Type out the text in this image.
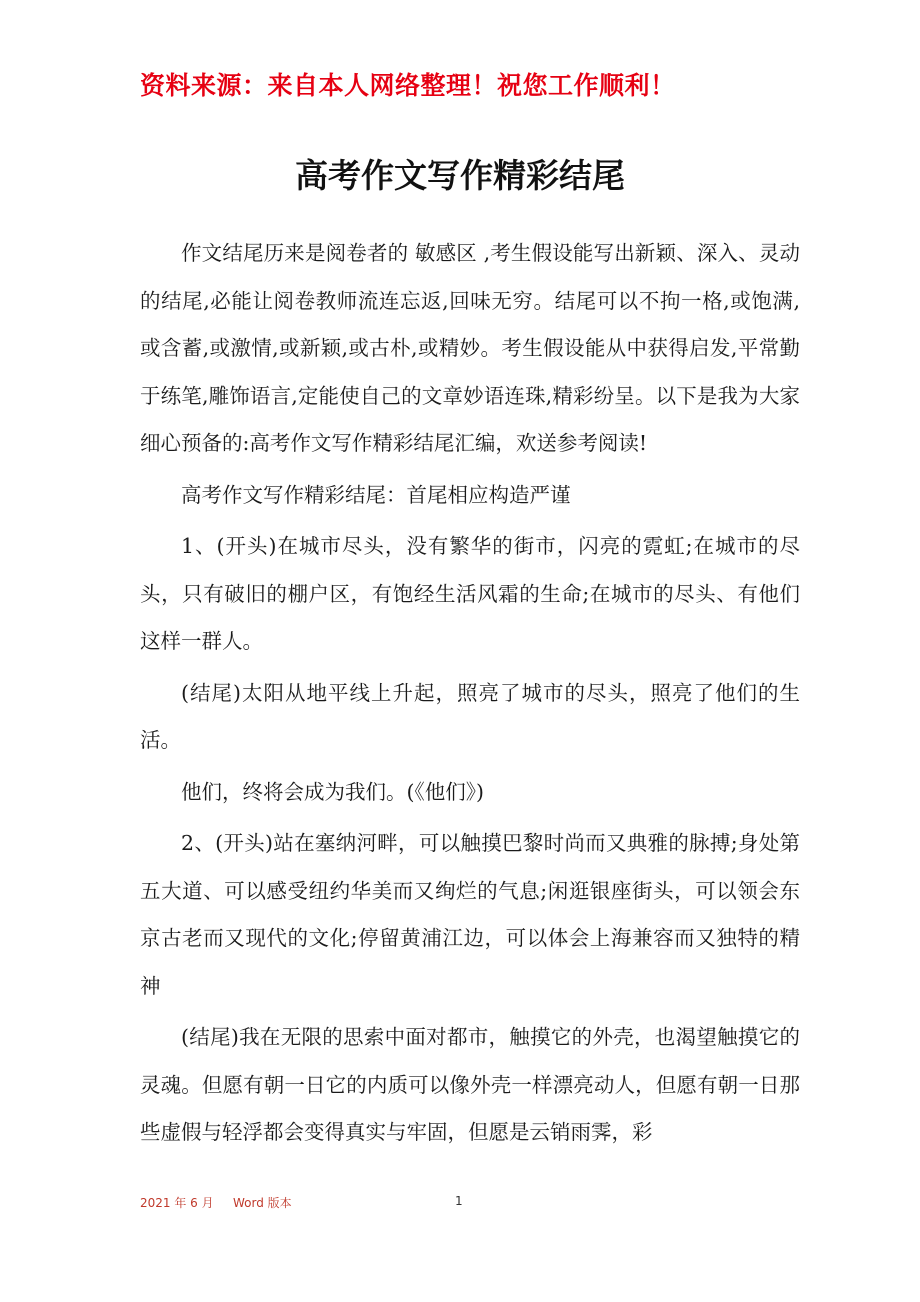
资料来源：来自本人网络整理！祝您工作顺利！
高考作文写作精彩结尾

作文结尾历来是阅卷者的 敏感区 ,考生假设能写出新颖、深入、灵动的结尾,必能让阅卷教师流连忘返,回味无穷。结尾可以不拘一格,或饱满,或含蓄,或激情,或新颖,或古朴,或精妙。考生假设能从中获得启发,平常勤于练笔,雕饰语言,定能使自己的文章妙语连珠,精彩纷呈。以下是我为大家细心预备的:高考作文写作精彩结尾汇编，欢送参考阅读!

高考作文写作精彩结尾：首尾相应构造严谨

1、(开头)在城市尽头，没有繁华的街市，闪亮的霓虹;在城市的尽头，只有破旧的棚户区，有饱经生活风霜的生命;在城市的尽头、有他们这样一群人。

(结尾)太阳从地平线上升起，照亮了城市的尽头，照亮了他们的生活。

他们，终将会成为我们。(《他们》)

2、(开头)站在塞纳河畔，可以触摸巴黎时尚而又典雅的脉搏;身处第五大道、可以感受纽约华美而又绚烂的气息;闲逛银座街头，可以领会东京古老而又现代的文化;停留黄浦江边，可以体会上海兼容而又独特的精神

(结尾)我在无限的思索中面对都市，触摸它的外壳，也渴望触摸它的灵魂。但愿有朝一日它的内质可以像外壳一样漂亮动人，但愿有朝一日那些虚假与轻浮都会变得真实与牢固，但愿是云销雨霁，彩

2021 年 6 月 Word 版本	1
